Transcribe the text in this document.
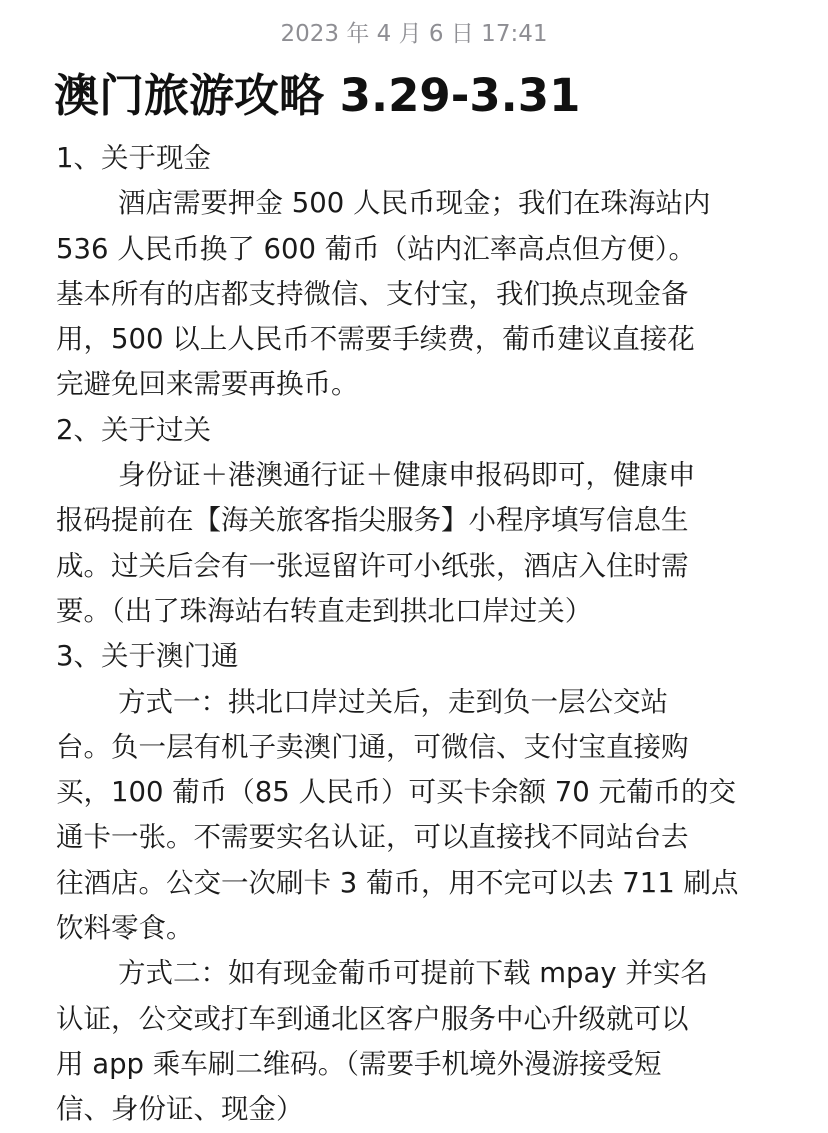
2023 年 4 月 6 日 17:41
澳门旅游攻略 3.29-3.31
1、关于现金
酒店需要押金 500 人民币现金；我们在珠海站内
536 人民币换了 600 葡币（站内汇率高点但方便）。
基本所有的店都支持微信、支付宝，我们换点现金备
用，500 以上人民币不需要手续费，葡币建议直接花
完避免回来需要再换币。
2、关于过关
身份证＋港澳通行证＋健康申报码即可，健康申
报码提前在【海关旅客指尖服务】小程序填写信息生
成。过关后会有一张逗留许可小纸张，酒店入住时需
要。（出了珠海站右转直走到拱北口岸过关）
3、关于澳门通
方式一：拱北口岸过关后，走到负一层公交站
台。负一层有机子卖澳门通，可微信、支付宝直接购
买，100 葡币（85 人民币）可买卡余额 70 元葡币的交
通卡一张。不需要实名认证，可以直接找不同站台去
往酒店。公交一次刷卡 3 葡币，用不完可以去 711 刷点
饮料零食。
方式二：如有现金葡币可提前下载 mpay 并实名
认证，公交或打车到通北区客户服务中心升级就可以
用 app 乘车刷二维码。（需要手机境外漫游接受短
信、身份证、现金）
